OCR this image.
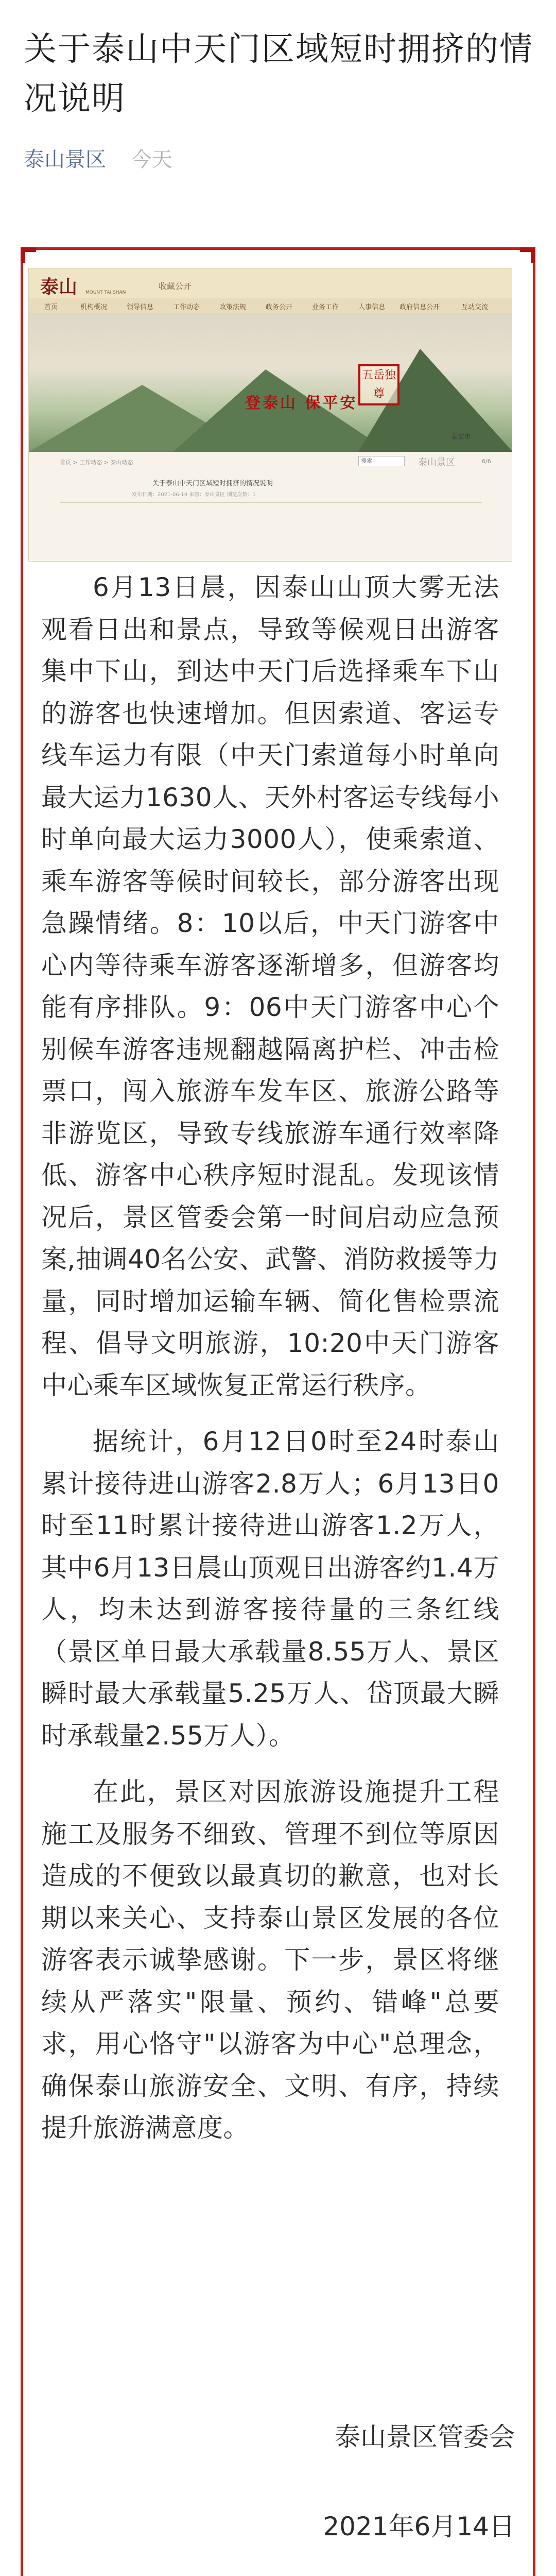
关于泰山中天门区域短时拥挤的情况说明
泰山景区 今天
泰山 MOUNT TAI SHAN
收藏公开
首页	机构概况	领导信息	工作动态	政策法规	政务公开	业务工作	人事信息 政府信息公开	互动交流
登泰山 保平安
五岳独尊
泰安市
首页 > 工作动态 > 泰山动态	搜索	泰山景区	6/6
关于泰山中天门区域短时拥挤的情况说明
发布日期：2021-06-14 来源：泰山景区 浏览次数：1

6月13日晨，因泰山山顶大雾无法观看日出和景点，导致等候观日出游客集中下山，到达中天门后选择乘车下山的游客也快速增加。但因索道、客运专线车运力有限（中天门索道每小时单向最大运力1630人、天外村客运专线每小时单向最大运力3000人），使乘索道、乘车游客等候时间较长，部分游客出现急躁情绪。8：10以后，中天门游客中心内等待乘车游客逐渐增多，但游客均能有序排队。9：06中天门游客中心个别候车游客违规翻越隔离护栏、冲击检票口，闯入旅游车发车区、旅游公路等非游览区，导致专线旅游车通行效率降低、游客中心秩序短时混乱。发现该情况后，景区管委会第一时间启动应急预案,抽调40名公安、武警、消防救援等力量，同时增加运输车辆、简化售检票流程、倡导文明旅游，10:20中天门游客中心乘车区域恢复正常运行秩序。

据统计，6月12日0时至24时泰山累计接待进山游客2.8万人；6月13日0时至11时累计接待进山游客1.2万人，其中6月13日晨山顶观日出游客约1.4万人，均未达到游客接待量的三条红线（景区单日最大承载量8.55万人、景区瞬时最大承载量5.25万人、岱顶最大瞬时承载量2.55万人）。

在此，景区对因旅游设施提升工程施工及服务不细致、管理不到位等原因造成的不便致以最真切的歉意，也对长期以来关心、支持泰山景区发展的各位游客表示诚挚感谢。下一步，景区将继续从严落实"限量、预约、错峰"总要求，用心恪守"以游客为中心"总理念，确保泰山旅游安全、文明、有序，持续提升旅游满意度。

泰山景区管委会
2021年6月14日
